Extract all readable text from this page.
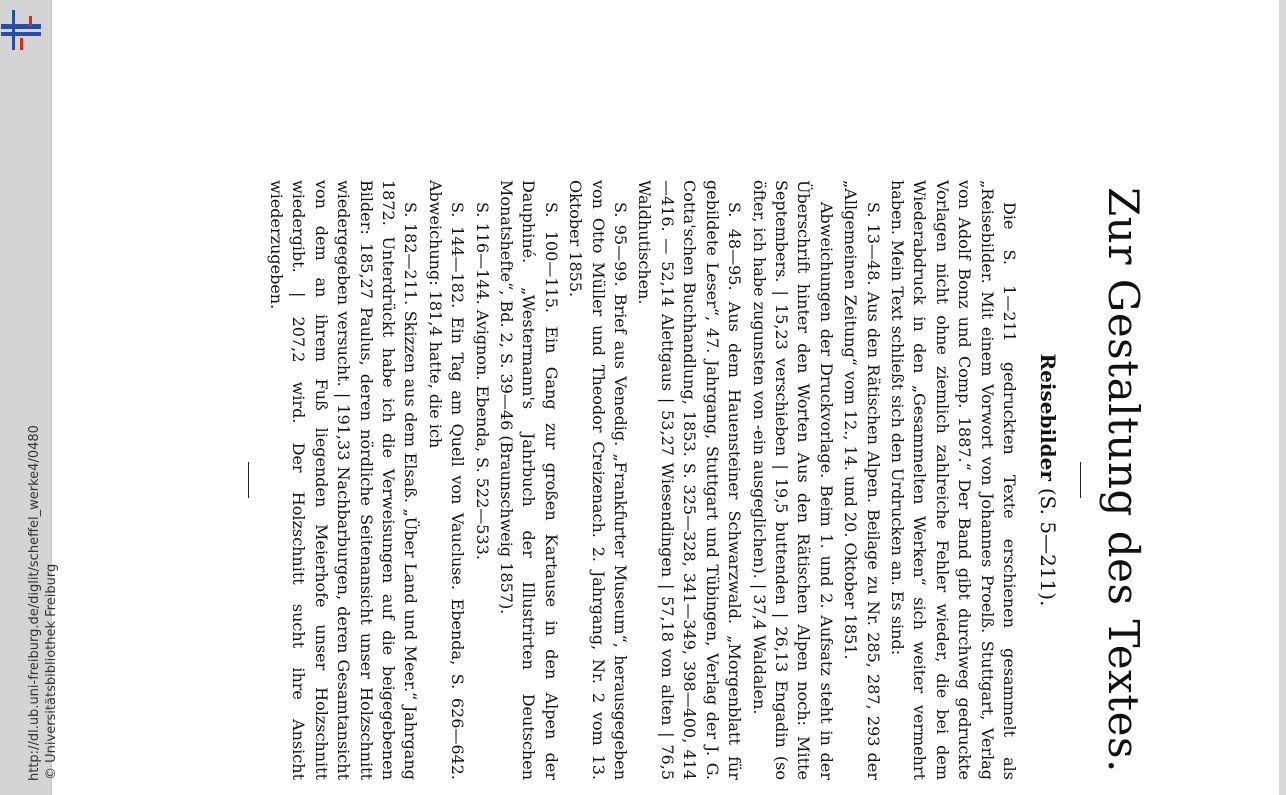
http://dl.ub.uni-freiburg.de/diglit/scheffel_werke4/0480 © Universitätsbibliothek Freiburg	Zur Gestaltung des Textes.
Reisebilder (S. 5—211).

Die S. 1—211 gedruckten Texte erschienen gesammelt als „Reisebilder. Mit einem Vorwort von Johannes Proelß. Stuttgart, Verlag von Adolf Bonz und Comp. 1887.“ Der Band gibt durchweg gedruckte Vorlagen nicht ohne ziemlich zahlreiche Fehler wieder, die bei dem Wiederabdruck in den „Gesammelten Werken“ sich weiter vermehrt haben. Mein Text schließt sich den Urdrucken an. Es sind:

S. 13—48. Aus den Rätischen Alpen. Beilage zu Nr. 285, 287, 293 der „Allgemeinen Zeitung“ vom 12., 14. und 20. Oktober 1851.

Abweichungen der Druckvorlage. Beim 1. und 2. Aufsatz steht in der Überschrift hinter den Worten Aus den Rätischen Alpen noch: Mitte Septembers. | 15,23 verschieben | 19,5 buttenden | 26,13 Engadin (so öfter, ich habe zugunsten von -ein ausgeglichen). | 37,4 Waldalen.

S. 48—95. Aus dem Hauensteiner Schwarzwald. „Morgenblatt für gebildete Leser“, 47. Jahrgang, Stuttgart und Tübingen, Verlag der J. G. Cotta'schen Buchhandlung, 1853. S. 325—328, 341—349, 398—400, 414—416. — 52,14 Alettgaus | 53,27 Wiesendingen | 57,18 von alten | 76,5 Waldhutischen.

S. 95—99. Brief aus Venedig. „Frankfurter Museum“, herausgegeben von Otto Müller und Theodor Creizenach. 2. Jahrgang, Nr. 2 vom 13. Oktober 1855.

S. 100—115. Ein Gang zur großen Kartause in den Alpen der Dauphiné. „Westermann's Jahrbuch der Illustrirten Deutschen Monatshefte“, Bd. 2, S. 39—46 (Braunschweig 1857).

S. 116—144. Avignon. Ebenda, S. 522—533.

S. 144—182. Ein Tag am Quell von Vaucluse. Ebenda, S. 626—642. Abweichung: 181,4 hatte, die ich

S. 182—211. Skizzen aus dem Elsaß. „Über Land und Meer.“ Jahrgang 1872. Unterdrückt habe ich die Verweisungen auf die beigegebenen Bilder: 185,27 Paulus, deren nördliche Seitenansicht unser Holzschnitt wiedergegeben versucht. | 191,33 Nachbarburgen, deren Gesamtansicht von dem an ihrem Fuß liegenden Meierhofe unser Holzschnitt wiedergibt. | 207,2 wird. Der Holzschnitt sucht ihre Ansicht wiederzugeben.
